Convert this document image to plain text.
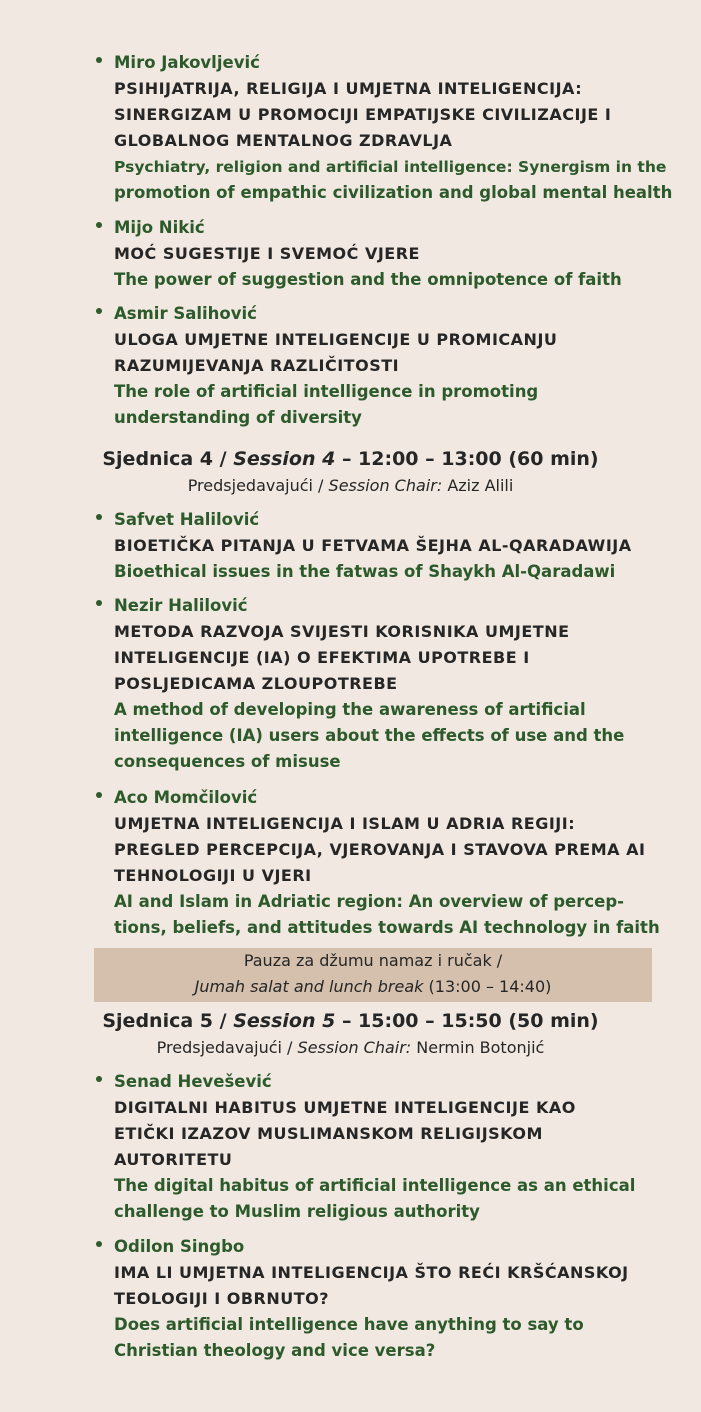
Miro Jakovljević
PSIHIJATRIJA, RELIGIJA I UMJETNA INTELIGENCIJA:
SINERGIZAM U PROMOCIJI EMPATIJSKE CIVILIZACIJE I
GLOBALNOG MENTALNOG ZDRAVLJA
Psychiatry, religion and artificial intelligence: Synergism in the
promotion of empathic civilization and global mental health
Mijo Nikić
MOĆ SUGESTIJE I SVEMOĆ VJERE
The power of suggestion and the omnipotence of faith
Asmir Salihović
ULOGA UMJETNE INTELIGENCIJE U PROMICANJU
RAZUMIJEVANJA RAZLIČITOSTI
The role of artificial intelligence in promoting
understanding of diversity
Sjednica 4 / Session 4 – 12:00 – 13:00 (60 min)
Predsjedavajući / Session Chair: Aziz Alili
Safvet Halilović
BIOETIČKA PITANJA U FETVAMA ŠEJHA AL-QARADAWIJA
Bioethical issues in the fatwas of Shaykh Al-Qaradawi
Nezir Halilović
METODA RAZVOJA SVIJESTI KORISNIKA UMJETNE
INTELIGENCIJE (IA) O EFEKTIMA UPOTREBE I
POSLJEDICAMA ZLOUPOTREBE
A method of developing the awareness of artificial
intelligence (IA) users about the effects of use and the
consequences of misuse
Aco Momčilović
UMJETNA INTELIGENCIJA I ISLAM U ADRIA REGIJI:
PREGLED PERCEPCIJA, VJEROVANJA I STAVOVA PREMA AI
TEHNOLOGIJI U VJERI
AI and Islam in Adriatic region: An overview of percep-
tions, beliefs, and attitudes towards AI technology in faith
Pauza za džumu namaz i ručak /
Jumah salat and lunch break (13:00 – 14:40)
Sjednica 5 / Session 5 – 15:00 – 15:50 (50 min)
Predsjedavajući / Session Chair: Nermin Botonjić
Senad Hevešević
DIGITALNI HABITUS UMJETNE INTELIGENCIJE KAO
ETIČKI IZAZOV MUSLIMANSKOM RELIGIJSKOM
AUTORITETU
The digital habitus of artificial intelligence as an ethical
challenge to Muslim religious authority
Odilon Singbo
IMA LI UMJETNA INTELIGENCIJA ŠTO REĆI KRŠĆANSKOJ
TEOLOGIJI I OBRNUTO?
Does artificial intelligence have anything to say to
Christian theology and vice versa?
